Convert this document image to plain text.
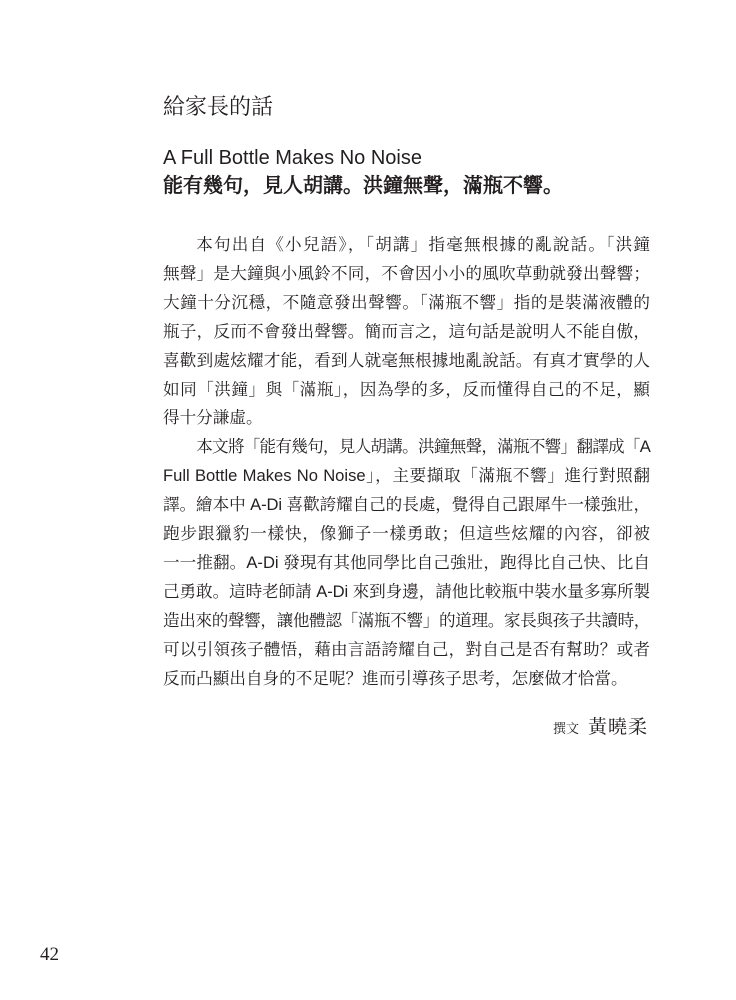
給家長的話
A Full Bottle Makes No Noise
能有幾句，見人胡講。洪鐘無聲，滿瓶不響。
本句出自《小兒語》，「胡講」指毫無根據的亂說話。「洪鐘
無聲」是大鐘與小風鈴不同，不會因小小的風吹草動就發出聲響；
大鐘十分沉穩，不隨意發出聲響。「滿瓶不響」指的是裝滿液體的
瓶子，反而不會發出聲響。簡而言之，這句話是說明人不能自傲，
喜歡到處炫耀才能，看到人就毫無根據地亂說話。有真才實學的人
如同「洪鐘」與「滿瓶」，因為學的多，反而懂得自己的不足，顯
得十分謙虛。
本文將「能有幾句，見人胡講。洪鐘無聲，滿瓶不響」翻譯成「A
Full Bottle Makes No Noise」，主要擷取「滿瓶不響」進行對照翻
譯。繪本中 A-Di 喜歡誇耀自己的長處，覺得自己跟犀牛一樣強壯，
跑步跟獵豹一樣快，像獅子一樣勇敢；但這些炫耀的內容，卻被
一一推翻。A-Di 發現有其他同學比自己強壯，跑得比自己快、比自
己勇敢。這時老師請 A-Di 來到身邊，請他比較瓶中裝水量多寡所製
造出來的聲響，讓他體認「滿瓶不響」的道理。家長與孩子共讀時，
可以引領孩子體悟，藉由言語誇耀自己，對自己是否有幫助？或者
反而凸顯出自身的不足呢？進而引導孩子思考，怎麼做才恰當。
撰文 黃曉柔
42
